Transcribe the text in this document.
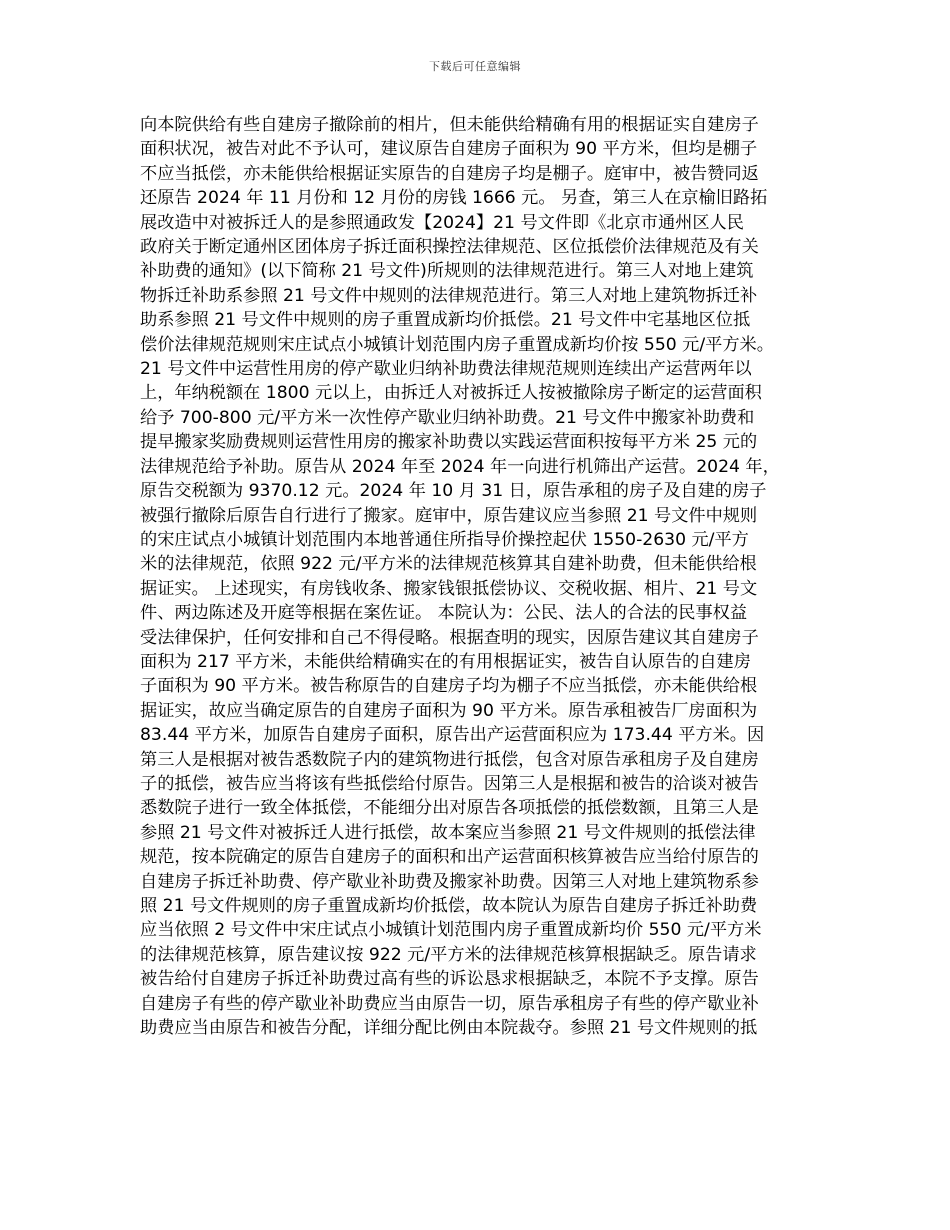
下载后可任意编辑
向本院供给有些自建房子撤除前的相片，但未能供给精确有用的根据证实自建房子
面积状况，被告对此不予认可，建议原告自建房子面积为 90 平方米，但均是棚子
不应当抵偿，亦未能供给根据证实原告的自建房子均是棚子。庭审中，被告赞同返
还原告 2024 年 11 月份和 12 月份的房钱 1666 元。 另查，第三人在京榆旧路拓
展改造中对被拆迁人的是参照通政发【2024】21 号文件即《北京市通州区人民
政府关于断定通州区团体房子拆迁面积操控法律规范、区位抵偿价法律规范及有关
补助费的通知》(以下简称 21 号文件)所规则的法律规范进行。第三人对地上建筑
物拆迁补助系参照 21 号文件中规则的法律规范进行。第三人对地上建筑物拆迁补
助系参照 21 号文件中规则的房子重置成新均价抵偿。21 号文件中宅基地区位抵
偿价法律规范规则宋庄试点小城镇计划范围内房子重置成新均价按 550 元/平方米。
21 号文件中运营性用房的停产歇业归纳补助费法律规范规则连续出产运营两年以
上，年纳税额在 1800 元以上，由拆迁人对被拆迁人按被撤除房子断定的运营面积
给予 700-800 元/平方米一次性停产歇业归纳补助费。21 号文件中搬家补助费和
提早搬家奖励费规则运营性用房的搬家补助费以实践运营面积按每平方米 25 元的
法律规范给予补助。原告从 2024 年至 2024 年一向进行机筛出产运营。2024 年，
原告交税额为 9370.12 元。2024 年 10 月 31 日，原告承租的房子及自建的房子
被强行撤除后原告自行进行了搬家。庭审中，原告建议应当参照 21 号文件中规则
的宋庄试点小城镇计划范围内本地普通住所指导价操控起伏 1550-2630 元/平方
米的法律规范，依照 922 元/平方米的法律规范核算其自建补助费，但未能供给根
据证实。 上述现实，有房钱收条、搬家钱银抵偿协议、交税收据、相片、21 号文
件、两边陈述及开庭等根据在案佐证。 本院认为：公民、法人的合法的民事权益
受法律保护，任何安排和自己不得侵略。根据查明的现实，因原告建议其自建房子
面积为 217 平方米，未能供给精确实在的有用根据证实，被告自认原告的自建房
子面积为 90 平方米。被告称原告的自建房子均为棚子不应当抵偿，亦未能供给根
据证实，故应当确定原告的自建房子面积为 90 平方米。原告承租被告厂房面积为
83.44 平方米，加原告自建房子面积，原告出产运营面积应为 173.44 平方米。因
第三人是根据对被告悉数院子内的建筑物进行抵偿，包含对原告承租房子及自建房
子的抵偿，被告应当将该有些抵偿给付原告。因第三人是根据和被告的洽谈对被告
悉数院子进行一致全体抵偿，不能细分出对原告各项抵偿的抵偿数额，且第三人是
参照 21 号文件对被拆迁人进行抵偿，故本案应当参照 21 号文件规则的抵偿法律
规范，按本院确定的原告自建房子的面积和出产运营面积核算被告应当给付原告的
自建房子拆迁补助费、停产歇业补助费及搬家补助费。因第三人对地上建筑物系参
照 21 号文件规则的房子重置成新均价抵偿，故本院认为原告自建房子拆迁补助费
应当依照 2 号文件中宋庄试点小城镇计划范围内房子重置成新均价 550 元/平方米
的法律规范核算，原告建议按 922 元/平方米的法律规范核算根据缺乏。原告请求
被告给付自建房子拆迁补助费过高有些的诉讼恳求根据缺乏，本院不予支撑。原告
自建房子有些的停产歇业补助费应当由原告一切，原告承租房子有些的停产歇业补
助费应当由原告和被告分配，详细分配比例由本院裁夺。参照 21 号文件规则的抵
